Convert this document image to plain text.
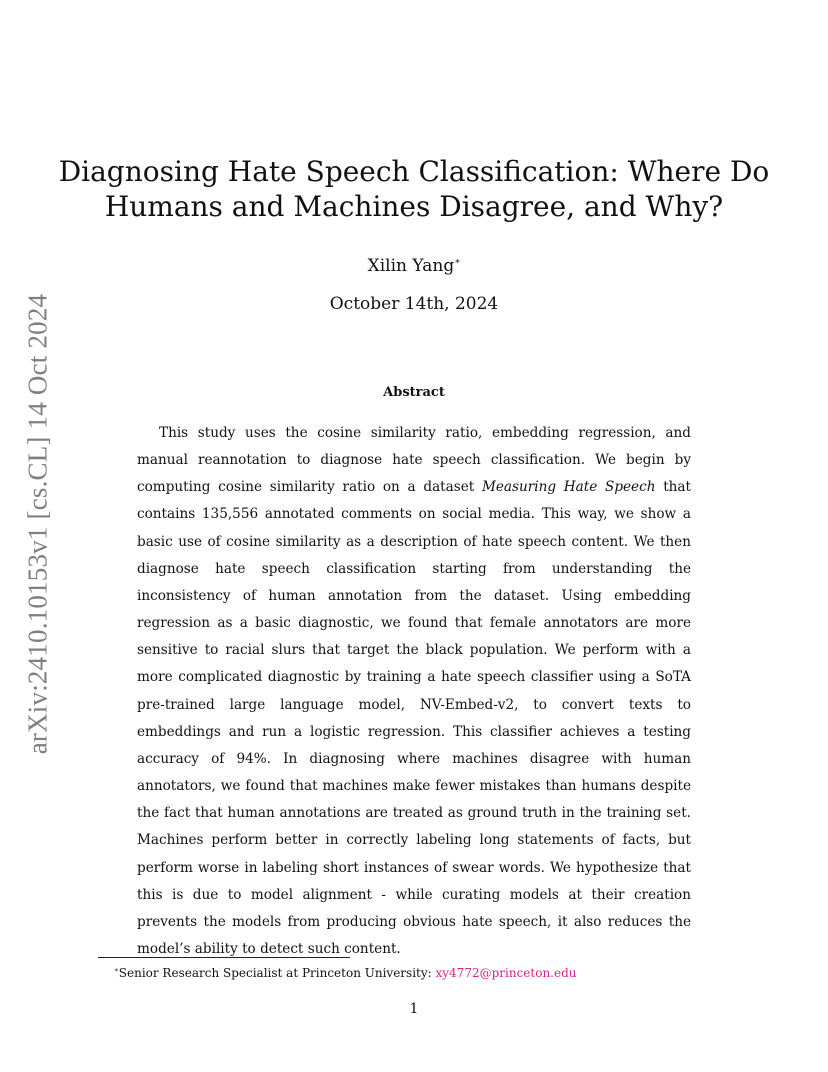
arXiv:2410.10153v1 [cs.CL] 14 Oct 2024
Diagnosing Hate Speech Classification: Where Do
Humans and Machines Disagree, and Why?
Xilin Yang∗
October 14th, 2024
Abstract

This study uses the cosine similarity ratio, embedding regression, and manual reannotation to diagnose hate speech classification. We begin by computing cosine similarity ratio on a dataset Measuring Hate Speech that contains 135,556 annotated comments on social media. This way, we show a basic use of cosine similarity as a description of hate speech content. We then diagnose hate speech classification starting from understanding the inconsistency of human annotation from the dataset. Using embedding regression as a basic diagnostic, we found that female annotators are more sensitive to racial slurs that target the black population. We perform with a more complicated diagnostic by training a hate speech classifier using a SoTA pre-trained large language model, NV-Embed-v2, to convert texts to embeddings and run a logistic regression. This classifier achieves a testing accuracy of 94%. In diagnosing where machines disagree with human annotators, we found that machines make fewer mistakes than humans despite the fact that human annotations are treated as ground truth in the training set. Machines perform better in correctly labeling long statements of facts, but perform worse in labeling short instances of swear words. We hypothesize that this is due to model alignment - while curating models at their creation prevents the models from producing obvious hate speech, it also reduces the model’s ability to detect such content.

∗Senior Research Specialist at Princeton University: xy4772@princeton.edu
1
